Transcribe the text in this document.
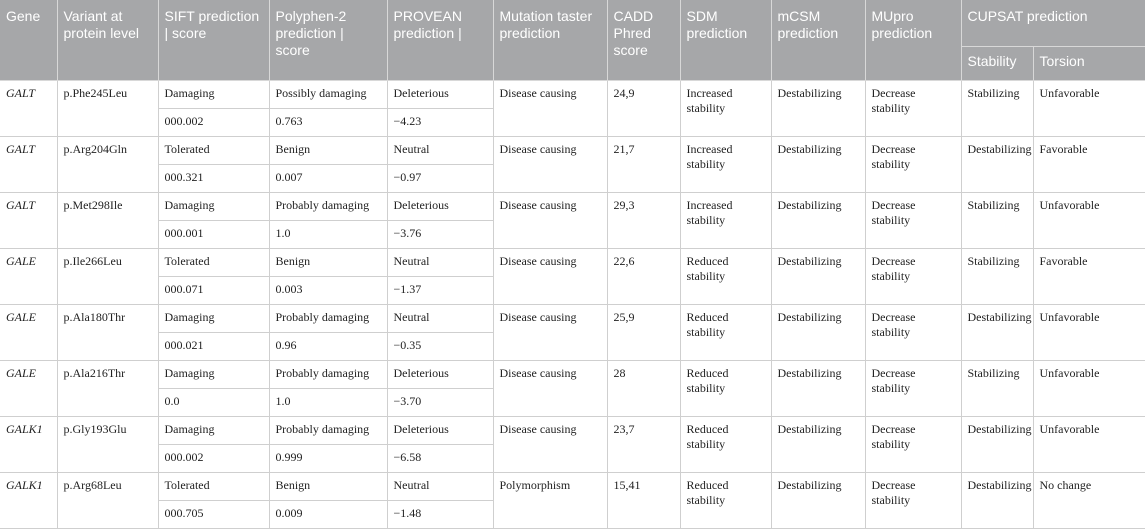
Gene	Variant at protein level	SIFT prediction | score	Polyphen-2 prediction | score	PROVEAN prediction |	Mutation taster prediction	CADD Phred score	SDM prediction	mCSM prediction	MUpro prediction	CUPSAT prediction	
										Stability	Torsion
GALT	p.Phe245Leu	Damaging	Possibly damaging	Deleterious	Disease causing	24,9	Increased stability	Destabilizing	Decrease stability	Stabilizing	Unfavorable
		000.002	0.763	−4.23							
GALT	p.Arg204Gln	Tolerated	Benign	Neutral	Disease causing	21,7	Increased stability	Destabilizing	Decrease stability	Destabilizing	Favorable
		000.321	0.007	−0.97							
GALT	p.Met298Ile	Damaging	Probably damaging	Deleterious	Disease causing	29,3	Increased stability	Destabilizing	Decrease stability	Stabilizing	Unfavorable
		000.001	1.0	−3.76							
GALE	p.Ile266Leu	Tolerated	Benign	Neutral	Disease causing	22,6	Reduced stability	Destabilizing	Decrease stability	Stabilizing	Favorable
		000.071	0.003	−1.37							
GALE	p.Ala180Thr	Damaging	Probably damaging	Neutral	Disease causing	25,9	Reduced stability	Destabilizing	Decrease stability	Destabilizing	Unfavorable
		000.021	0.96	−0.35							
GALE	p.Ala216Thr	Damaging	Probably damaging	Deleterious	Disease causing	28	Reduced stability	Destabilizing	Decrease stability	Stabilizing	Unfavorable
		0.0	1.0	−3.70							
GALK1	p.Gly193Glu	Damaging	Probably damaging	Deleterious	Disease causing	23,7	Reduced stability	Destabilizing	Decrease stability	Destabilizing	Unfavorable
		000.002	0.999	−6.58							
GALK1	p.Arg68Leu	Tolerated	Benign	Neutral	Polymorphism	15,41	Reduced stability	Destabilizing	Decrease stability	Destabilizing	No change
		000.705	0.009	−1.48							
